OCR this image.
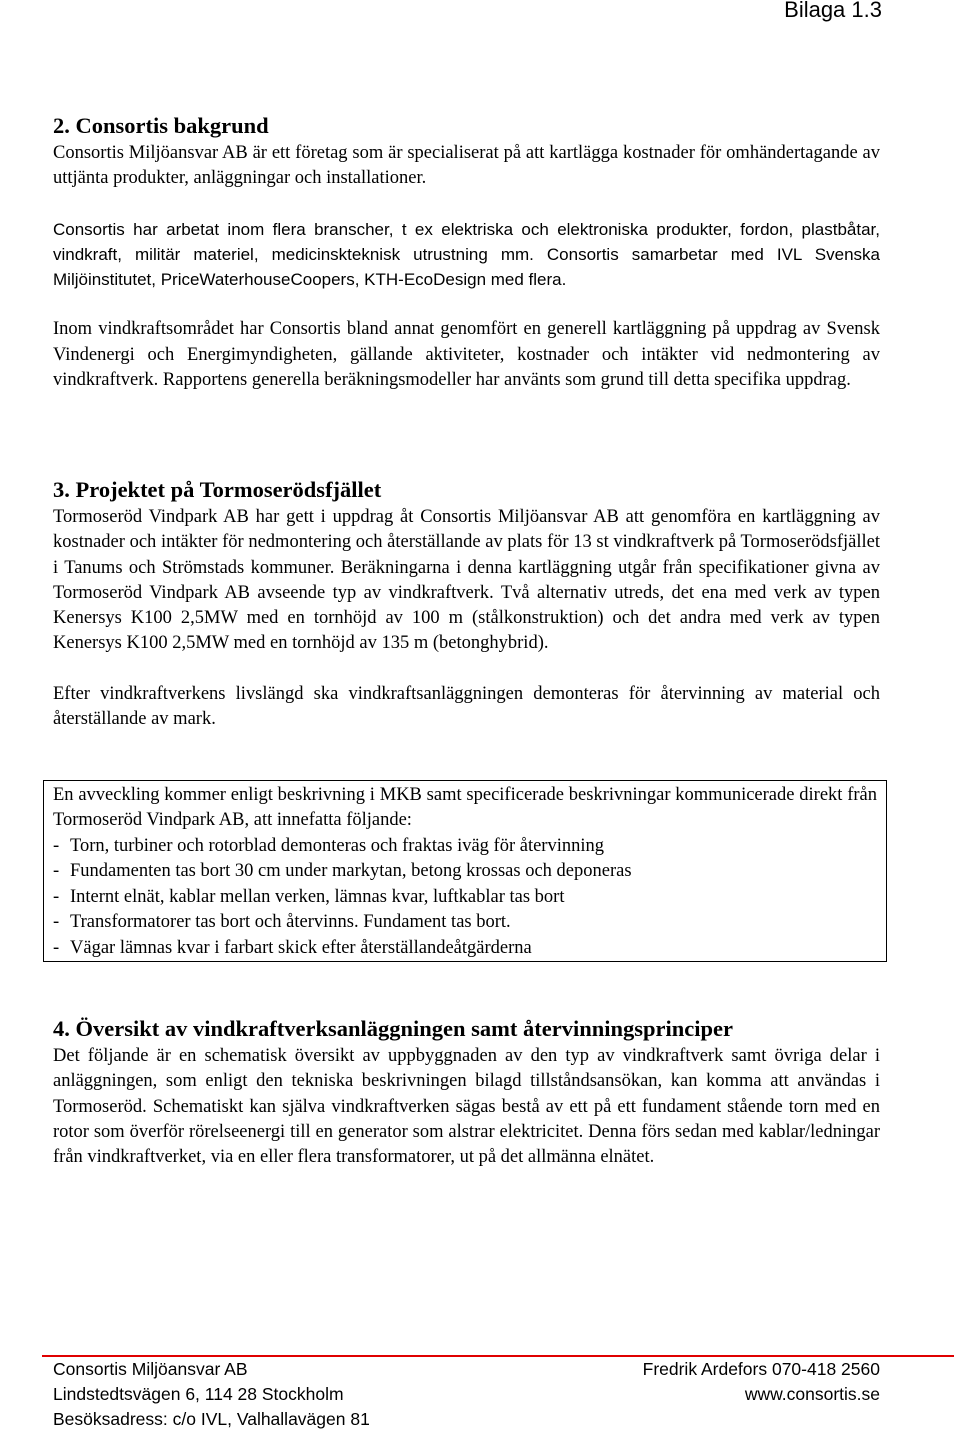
Bilaga 1.3
2. Consortis bakgrund

Consortis Miljöansvar AB är ett företag som är specialiserat på att kartlägga kostnader för omhändertagande av uttjänta produkter, anläggningar och installationer.

Consortis har arbetat inom flera branscher, t ex elektriska och elektroniska produkter, fordon, plastbåtar, vindkraft, militär materiel, medicinskteknisk utrustning mm. Consortis samarbetar med IVL Svenska Miljöinstitutet, PriceWaterhouseCoopers, KTH-EcoDesign med flera.

Inom vindkraftsområdet har Consortis bland annat genomfört en generell kartläggning på uppdrag av Svensk Vindenergi och Energimyndigheten, gällande aktiviteter, kostnader och intäkter vid nedmontering av vindkraftverk. Rapportens generella beräkningsmodeller har använts som grund till detta specifika uppdrag.

3. Projektet på Tormoserödsfjället

Tormoseröd Vindpark AB har gett i uppdrag åt Consortis Miljöansvar AB att genomföra en kartläggning av kostnader och intäkter för nedmontering och återställande av plats för 13 st vindkraftverk på Tormoserödsfjället i Tanums och Strömstads kommuner. Beräkningarna i denna kartläggning utgår från specifikationer givna av Tormoseröd Vindpark AB avseende typ av vindkraftverk. Två alternativ utreds, det ena med verk av typen Kenersys K100 2,5MW med en tornhöjd av 100 m (stålkonstruktion) och det andra med verk av typen Kenersys K100 2,5MW med en tornhöjd av 135 m (betonghybrid).

Efter vindkraftverkens livslängd ska vindkraftsanläggningen demonteras för återvinning av material och återställande av mark.

En avveckling kommer enligt beskrivning i MKB samt specificerade beskrivningar kommunicerade direkt från Tormoseröd Vindpark AB, att innefatta följande:

- Torn, turbiner och rotorblad demonteras och fraktas iväg för återvinning
- Fundamenten tas bort 30 cm under markytan, betong krossas och deponeras
- Internt elnät, kablar mellan verken, lämnas kvar, luftkablar tas bort
- Transformatorer tas bort och återvinns. Fundament tas bort.
- Vägar lämnas kvar i farbart skick efter återställandeåtgärderna
4. Översikt av vindkraftverksanläggningen samt återvinningsprinciper

Det följande är en schematisk översikt av uppbyggnaden av den typ av vindkraftverk samt övriga delar i anläggningen, som enligt den tekniska beskrivningen bilagd tillståndsansökan, kan komma att användas i Tormoseröd. Schematiskt kan själva vindkraftverken sägas bestå av ett på ett fundament stående torn med en rotor som överför rörelseenergi till en generator som alstrar elektricitet. Denna förs sedan med kablar/ledningar från vindkraftverket, via en eller flera transformatorer, ut på det allmänna elnätet.

Consortis Miljöansvar AB	Fredrik Ardefors 070-418 2560
Lindstedtsvägen 6, 114 28 Stockholm	www.consortis.se
Besöksadress: c/o IVL, Valhallavägen 81
